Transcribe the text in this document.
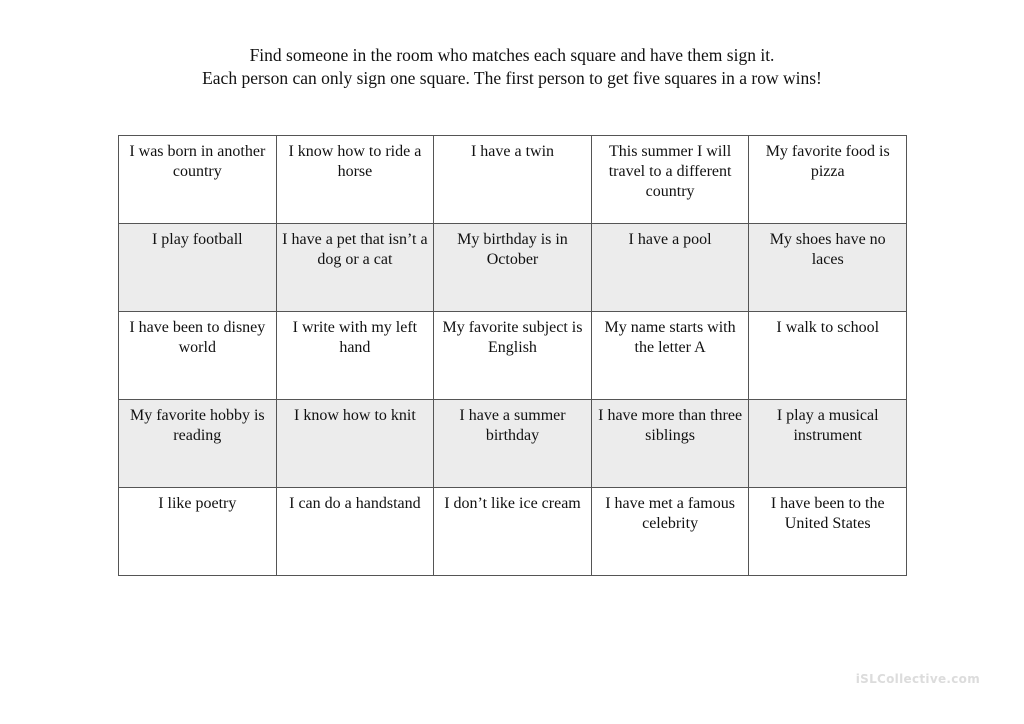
Find someone in the room who matches each square and have them sign it.
Each person can only sign one square. The first person to get five squares in a row wins!
I was born in another country	I know how to ride a horse	I have a twin	This summer I will travel to a different country	My favorite food is pizza
I play football	I have a pet that isn’t a dog or a cat	My birthday is in October	I have a pool	My shoes have no laces
I have been to disney world	I write with my left hand	My favorite subject is English	My name starts with the letter A	I walk to school
My favorite hobby is reading	I know how to knit	I have a summer birthday	I have more than three siblings	I play a musical instrument
I like poetry	I can do a handstand	I don’t like ice cream	I have met a famous celebrity	I have been to the United States
iSLCollective.com
